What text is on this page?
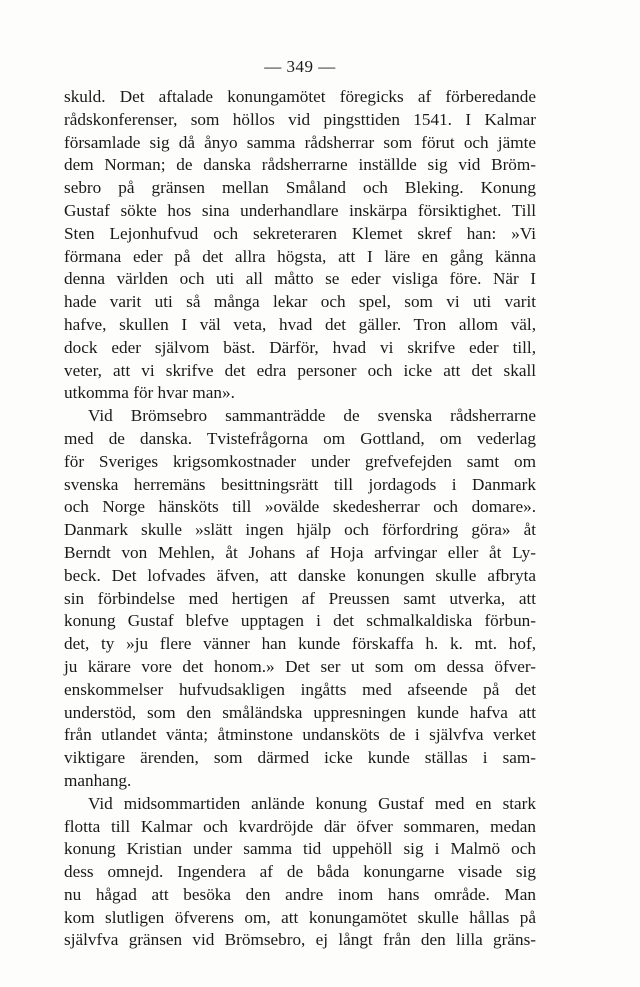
— 349 —
skuld. Det aftalade konungamötet föregicks af förberedande
rådskonferenser, som höllos vid pingsttiden 1541. I Kalmar
församlade sig då ånyo samma rådsherrar som förut och jämte
dem Norman; de danska rådsherrarne inställde sig vid Bröm-
sebro på gränsen mellan Småland och Bleking. Konung
Gustaf sökte hos sina underhandlare inskärpa försiktighet. Till
Sten Lejonhufvud och sekreteraren Klemet skref han: »Vi
förmana eder på det allra högsta, att I läre en gång känna
denna världen och uti all måtto se eder visliga före. När I
hade varit uti så många lekar och spel, som vi uti varit
hafve, skullen I väl veta, hvad det gäller. Tron allom väl,
dock eder självom bäst. Därför, hvad vi skrifve eder till,
veter, att vi skrifve det edra personer och icke att det skall
utkomma för hvar man».
Vid Brömsebro sammanträdde de svenska rådsherrarne
med de danska. Tvistefrågorna om Gottland, om vederlag
för Sveriges krigsomkostnader under grefvefejden samt om
svenska herremäns besittningsrätt till jordagods i Danmark
och Norge hänsköts till »ovälde skedesherrar och domare».
Danmark skulle »slätt ingen hjälp och förfordring göra» åt
Berndt von Mehlen, åt Johans af Hoja arfvingar eller åt Ly-
beck. Det lofvades äfven, att danske konungen skulle afbryta
sin förbindelse med hertigen af Preussen samt utverka, att
konung Gustaf blefve upptagen i det schmalkaldiska förbun-
det, ty »ju flere vänner han kunde förskaffa h. k. mt. hof,
ju kärare vore det honom.» Det ser ut som om dessa öfver-
enskommelser hufvudsakligen ingåtts med afseende på det
understöd, som den småländska uppresningen kunde hafva att
från utlandet vänta; åtminstone undansköts de i självfva verket
viktigare ärenden, som därmed icke kunde ställas i sam-
manhang.
Vid midsommartiden anlände konung Gustaf med en stark
flotta till Kalmar och kvardröjde där öfver sommaren, medan
konung Kristian under samma tid uppehöll sig i Malmö och
dess omnejd. Ingendera af de båda konungarne visade sig
nu hågad att besöka den andre inom hans område. Man
kom slutligen öfverens om, att konungamötet skulle hållas på
självfva gränsen vid Brömsebro, ej långt från den lilla gräns-
